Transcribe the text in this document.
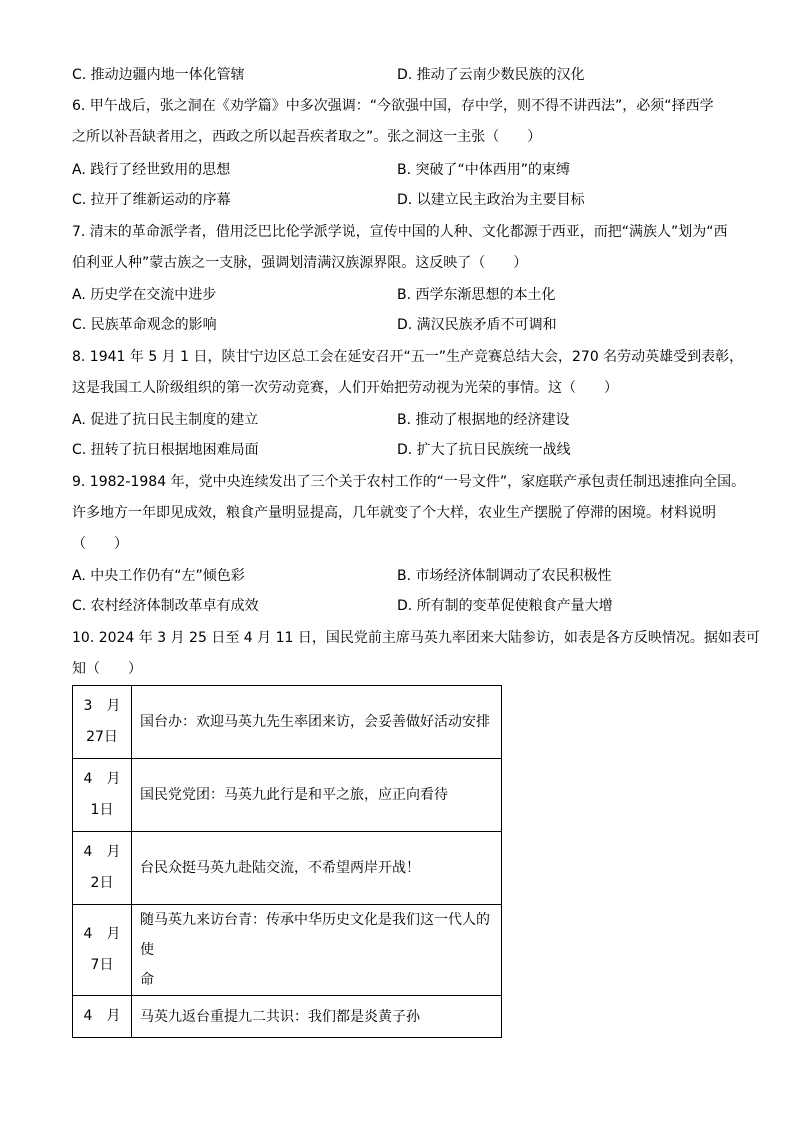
C. 推动边疆内地一体化管辖	D. 推动了云南少数民族的汉化
6. 甲午战后，张之洞在《劝学篇》中多次强调：“今欲强中国，存中学，则不得不讲西法”，必须“择西学
之所以补吾缺者用之，西政之所以起吾疾者取之”。张之洞这一主张（　　）
A. 践行了经世致用的思想	B. 突破了“中体西用”的束缚
C. 拉开了维新运动的序幕	D. 以建立民主政治为主要目标
7. 清末的革命派学者，借用泛巴比伦学派学说，宣传中国的人种、文化都源于西亚，而把“满族人”划为“西
伯利亚人种”蒙古族之一支脉，强调划清满汉族源界限。这反映了（　　）
A. 历史学在交流中进步	B. 西学东渐思想的本土化
C. 民族革命观念的影响	D. 满汉民族矛盾不可调和
8. 1941 年 5 月 1 日，陕甘宁边区总工会在延安召开“五一”生产竞赛总结大会，270 名劳动英雄受到表彰，
这是我国工人阶级组织的第一次劳动竞赛，人们开始把劳动视为光荣的事情。这（　　）
A. 促进了抗日民主制度的建立	B. 推动了根据地的经济建设
C. 扭转了抗日根据地困难局面	D. 扩大了抗日民族统一战线
9. 1982-1984 年，党中央连续发出了三个关于农村工作的“一号文件”，家庭联产承包责任制迅速推向全国。
许多地方一年即见成效，粮食产量明显提高，几年就变了个大样，农业生产摆脱了停滞的困境。材料说明
（　　）
A. 中央工作仍有“左”倾色彩	B. 市场经济体制调动了农民积极性
C. 农村经济体制改革卓有成效	D. 所有制的变革促使粮食产量大增
10. 2024 年 3 月 25 日至 4 月 11 日，国民党前主席马英九率团来大陆参访，如表是各方反映情况。据如表可
知（　　）
3　月
27日	国台办：欢迎马英九先生率团来访，会妥善做好活动安排

4　月
1日	国民党党团：马英九此行是和平之旅，应正向看待

4　月
2日	台民众挺马英九赴陆交流，不希望两岸开战！

4　月
7日	随马英九来访台青：传承中华历史文化是我们这一代人的使
命

4　月	马英九返台重提九二共识：我们都是炎黄子孙
